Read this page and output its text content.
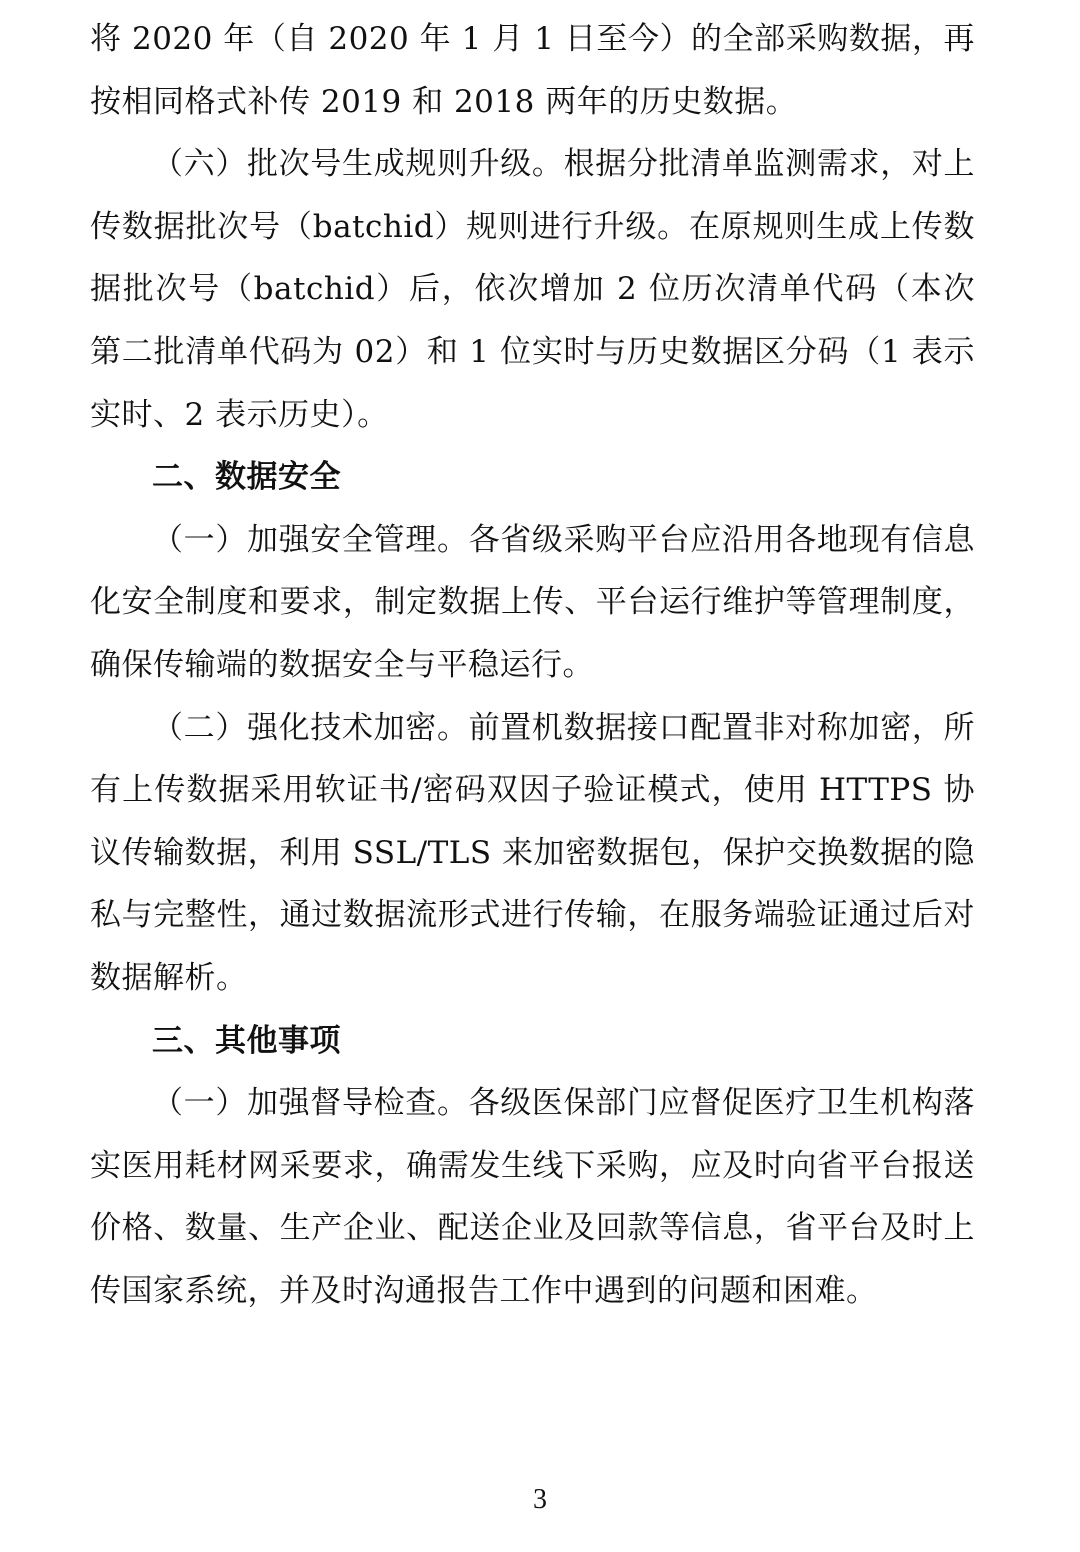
将 2020 年（自 2020 年 1 月 1 日至今）的全部采购数据，再按相同格式补传 2019 和 2018 两年的历史数据。

（六）批次号生成规则升级。根据分批清单监测需求，对上传数据批次号（batchid）规则进行升级。在原规则生成上传数据批次号（batchid）后，依次增加 2 位历次清单代码（本次第二批清单代码为 02）和 1 位实时与历史数据区分码（1 表示实时、2 表示历史）。

二、数据安全

（一）加强安全管理。各省级采购平台应沿用各地现有信息化安全制度和要求，制定数据上传、平台运行维护等管理制度，确保传输端的数据安全与平稳运行。

（二）强化技术加密。前置机数据接口配置非对称加密，所有上传数据采用软证书/密码双因子验证模式，使用 HTTPS 协议传输数据，利用 SSL/TLS 来加密数据包，保护交换数据的隐私与完整性，通过数据流形式进行传输，在服务端验证通过后对数据解析。

三、其他事项

（一）加强督导检查。各级医保部门应督促医疗卫生机构落实医用耗材网采要求，确需发生线下采购，应及时向省平台报送价格、数量、生产企业、配送企业及回款等信息，省平台及时上传国家系统，并及时沟通报告工作中遇到的问题和困难。

3
